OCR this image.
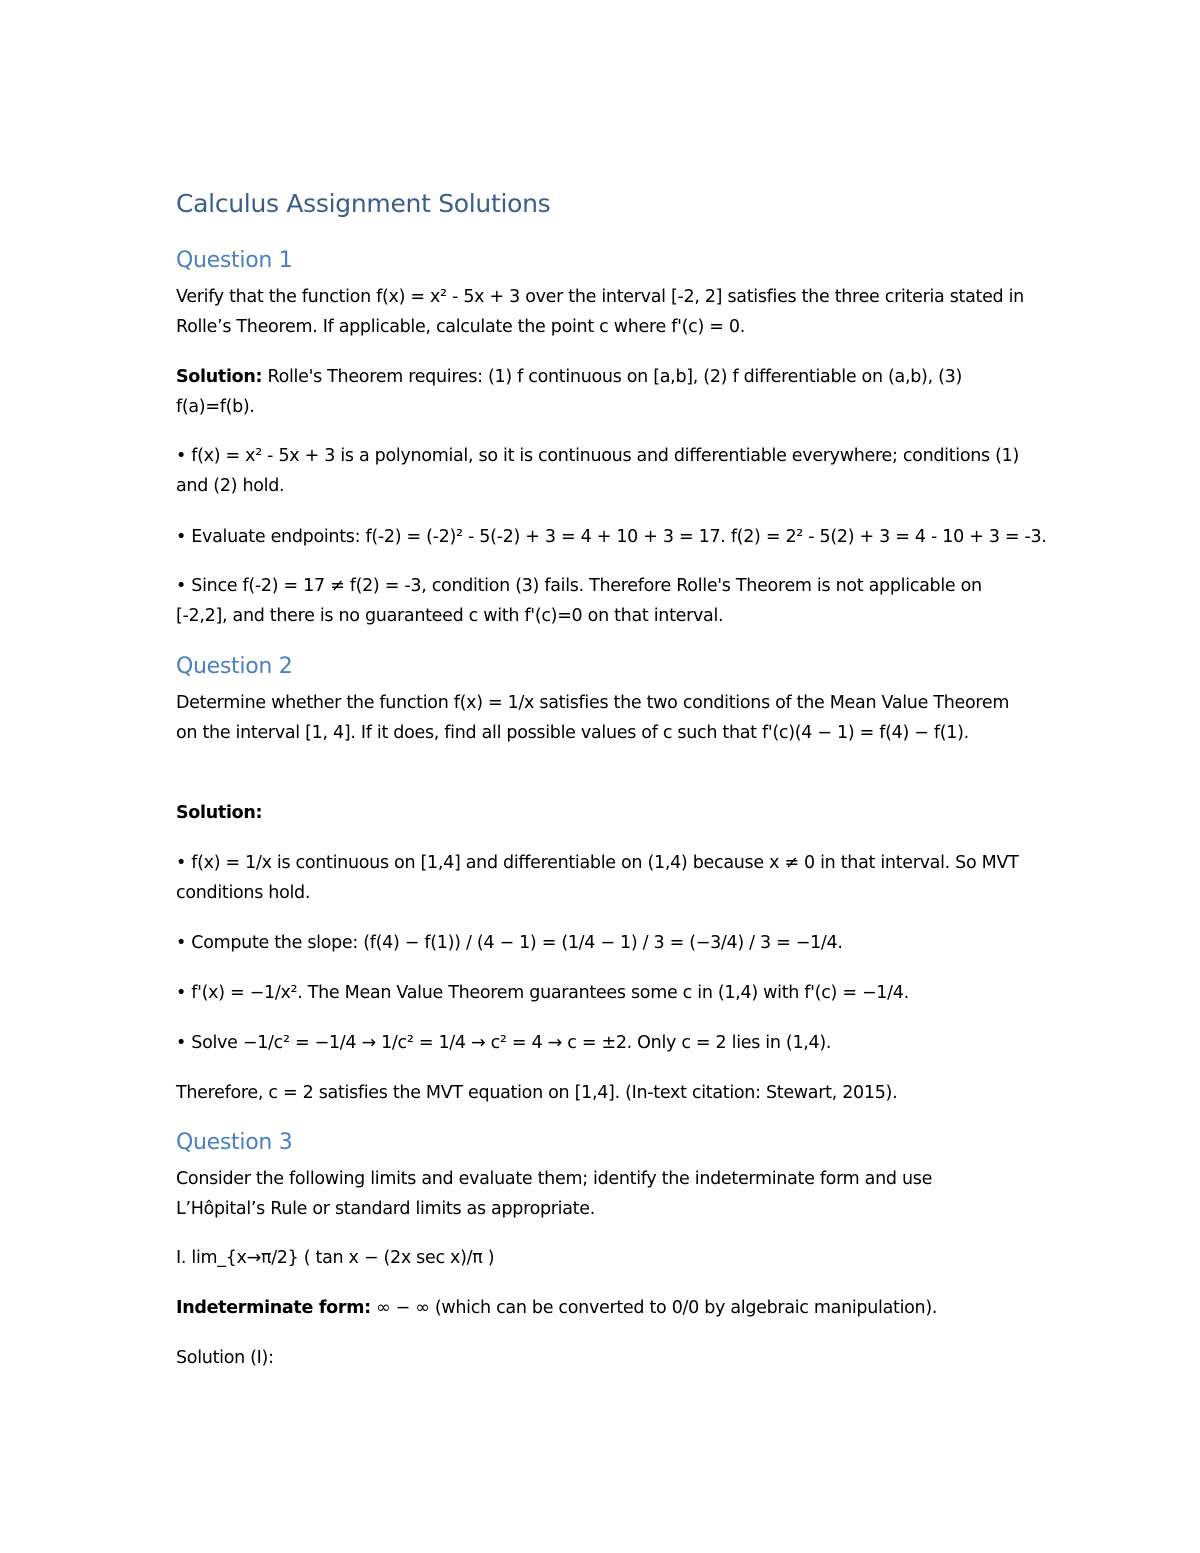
Calculus Assignment Solutions
Question 1
Verify that the function f(x) = x² - 5x + 3 over the interval [-2, 2] satisfies the three criteria stated in Rolle’s Theorem. If applicable, calculate the point c where f'(c) = 0.
Solution: Rolle's Theorem requires: (1) f continuous on [a,b], (2) f differentiable on (a,b), (3) f(a)=f(b).
• f(x) = x² - 5x + 3 is a polynomial, so it is continuous and differentiable everywhere; conditions (1) and (2) hold.
• Evaluate endpoints: f(-2) = (-2)² - 5(-2) + 3 = 4 + 10 + 3 = 17. f(2) = 2² - 5(2) + 3 = 4 - 10 + 3 = -3.
• Since f(-2) = 17 ≠ f(2) = -3, condition (3) fails. Therefore Rolle's Theorem is not applicable on [-2,2], and there is no guaranteed c with f'(c)=0 on that interval.
Question 2
Determine whether the function f(x) = 1/x satisfies the two conditions of the Mean Value Theorem on the interval [1, 4]. If it does, find all possible values of c such that f'(c)(4 − 1) = f(4) − f(1).
Solution:
• f(x) = 1/x is continuous on [1,4] and differentiable on (1,4) because x ≠ 0 in that interval. So MVT conditions hold.
• Compute the slope: (f(4) − f(1)) / (4 − 1) = (1/4 − 1) / 3 = (−3/4) / 3 = −1/4.
• f'(x) = −1/x². The Mean Value Theorem guarantees some c in (1,4) with f'(c) = −1/4.
• Solve −1/c² = −1/4 → 1/c² = 1/4 → c² = 4 → c = ±2. Only c = 2 lies in (1,4).
Therefore, c = 2 satisfies the MVT equation on [1,4]. (In-text citation: Stewart, 2015).
Question 3
Consider the following limits and evaluate them; identify the indeterminate form and use L’Hôpital’s Rule or standard limits as appropriate.
I. lim_{x→π/2} ( tan x − (2x sec x)/π )
Indeterminate form: ∞ − ∞ (which can be converted to 0/0 by algebraic manipulation).
Solution (I):
